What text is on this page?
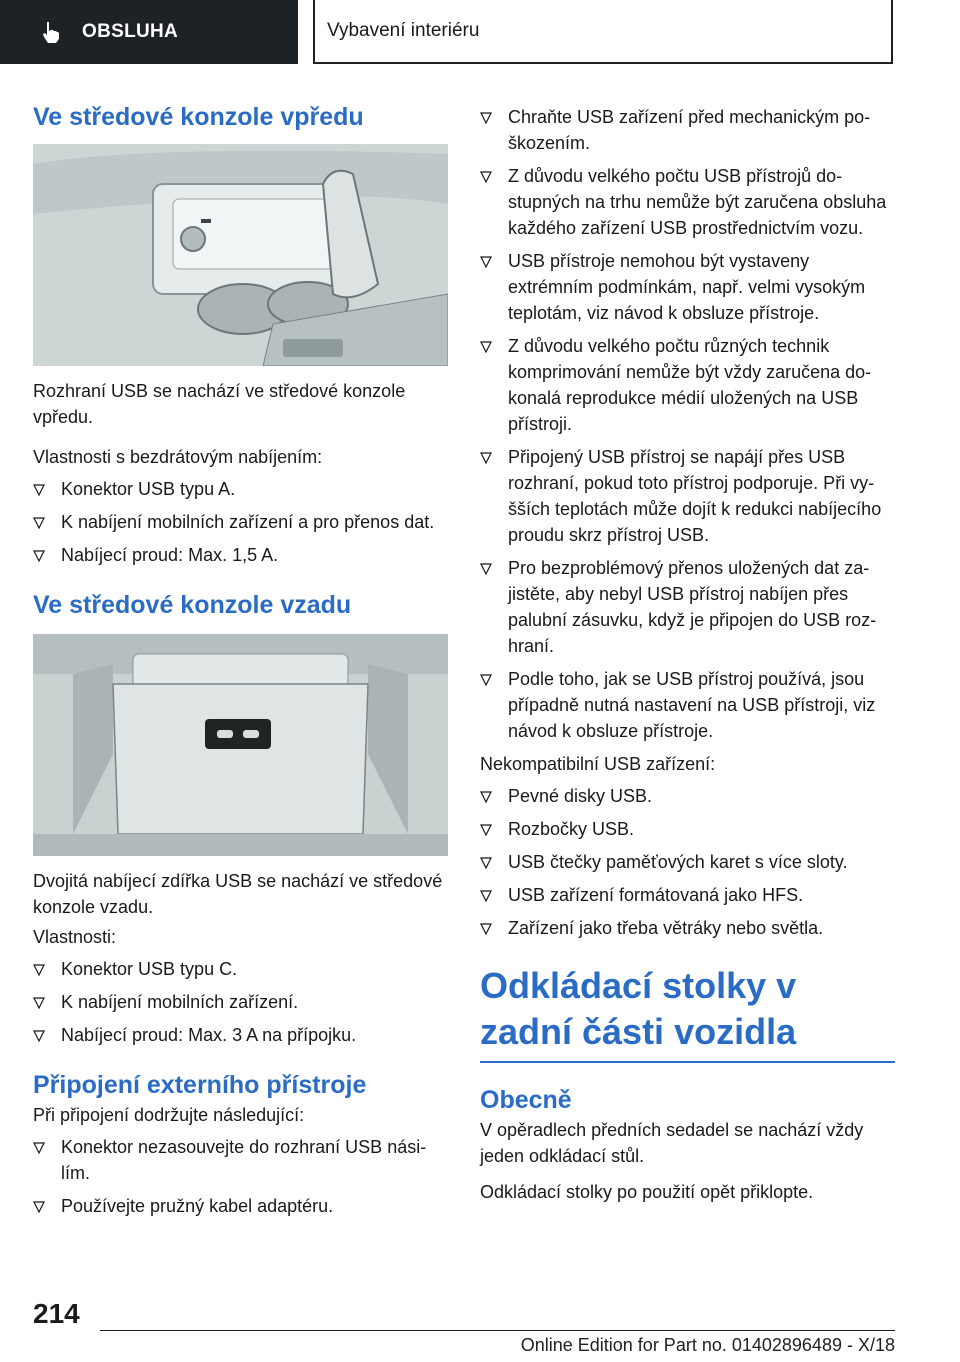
OBSLUHA	Vybavení interiéru
Ve středové konzole vpředu

Rozhraní USB se nachází ve středové konzole vpředu.

Vlastnosti s bezdrátovým nabíjením:

Konektor USB typu A.
K nabíjení mobilních zařízení a pro přenos dat.
Nabíjecí proud: Max. 1,5 A.
Ve středové konzole vzadu

Dvojitá nabíjecí zdířka USB se nachází ve středové konzole vzadu.

Vlastnosti:

Konektor USB typu C.
K nabíjení mobilních zařízení.
Nabíjecí proud: Max. 3 A na přípojku.
Připojení externího přístroje

Při připojení dodržujte následující:

Konektor nezasouvejte do rozhraní USB násilím.
Používejte pružný kabel adaptéru.
Chraňte USB zařízení před mechanickým poškozením.
Z důvodu velkého počtu USB přístrojů dostupných na trhu nemůže být zaručena obsluha každého zařízení USB prostřednictvím vozu.
USB přístroje nemohou být vystaveny extrémním podmínkám, např. velmi vysokým teplotám, viz návod k obsluze přístroje.
Z důvodu velkého počtu různých technik komprimování nemůže být vždy zaručena dokonalá reprodukce médií uložených na USB přístroji.
Připojený USB přístroj se napájí přes USB rozhraní, pokud toto přístroj podporuje. Při vyšších teplotách může dojít k redukci nabíjecího proudu skrz přístroj USB.
Pro bezproblémový přenos uložených dat zajistěte, aby nebyl USB přístroj nabíjen přes palubní zásuvku, když je připojen do USB rozhraní.
Podle toho, jak se USB přístroj používá, jsou případně nutná nastavení na USB přístroji, viz návod k obsluze přístroje.

Nekompatibilní USB zařízení:

Pevné disky USB.
Rozbočky USB.
USB čtečky paměťových karet s více sloty.
USB zařízení formátovaná jako HFS.
Zařízení jako třeba větráky nebo světla.
Odkládací stolky v zadní části vozidla
Obecně

V opěradlech předních sedadel se nachází vždy jeden odkládací stůl.

Odkládací stolky po použití opět přiklopte.

214
Online Edition for Part no. 01402896489 - X/18
